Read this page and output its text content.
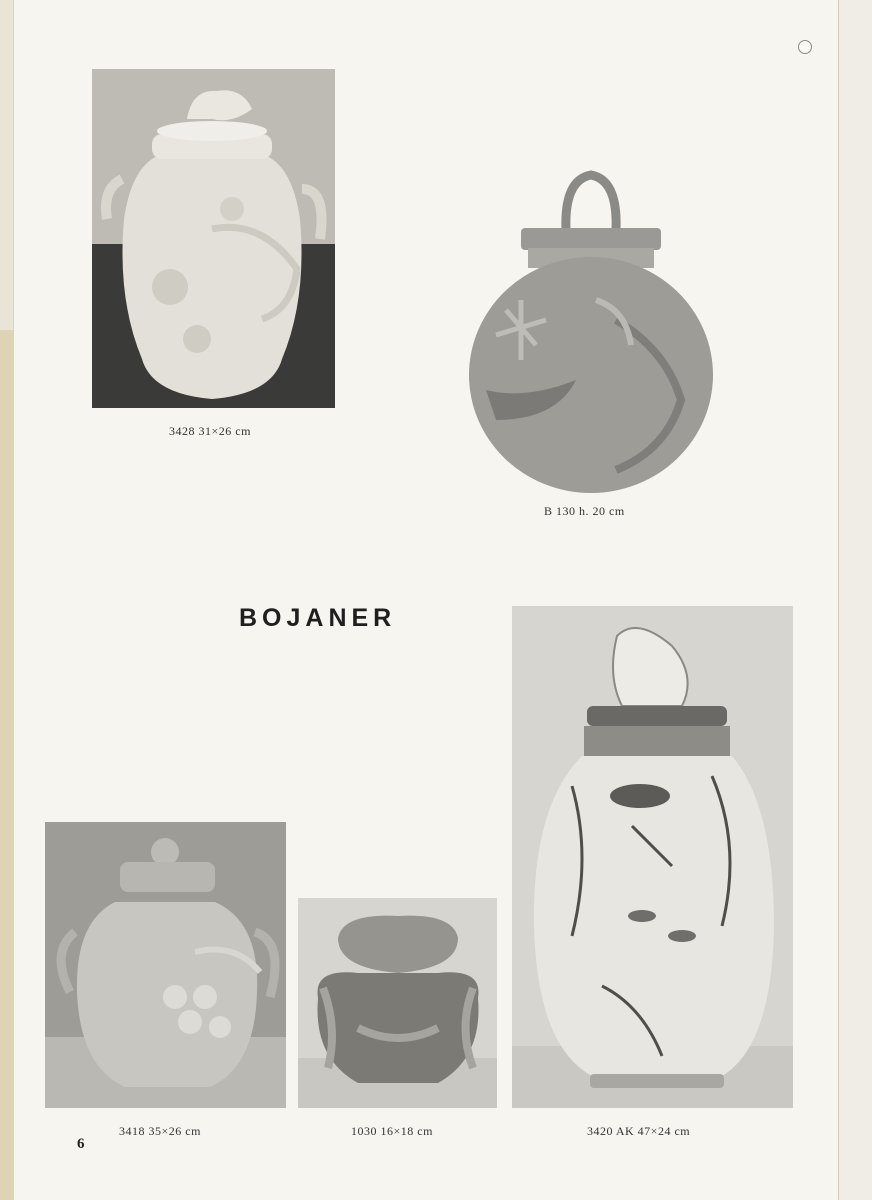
3428 31×26 cm
B 130 h. 20 cm
BOJANER
3418 35×26 cm	1030 16×18 cm	3420 AK 47×24 cm
6
